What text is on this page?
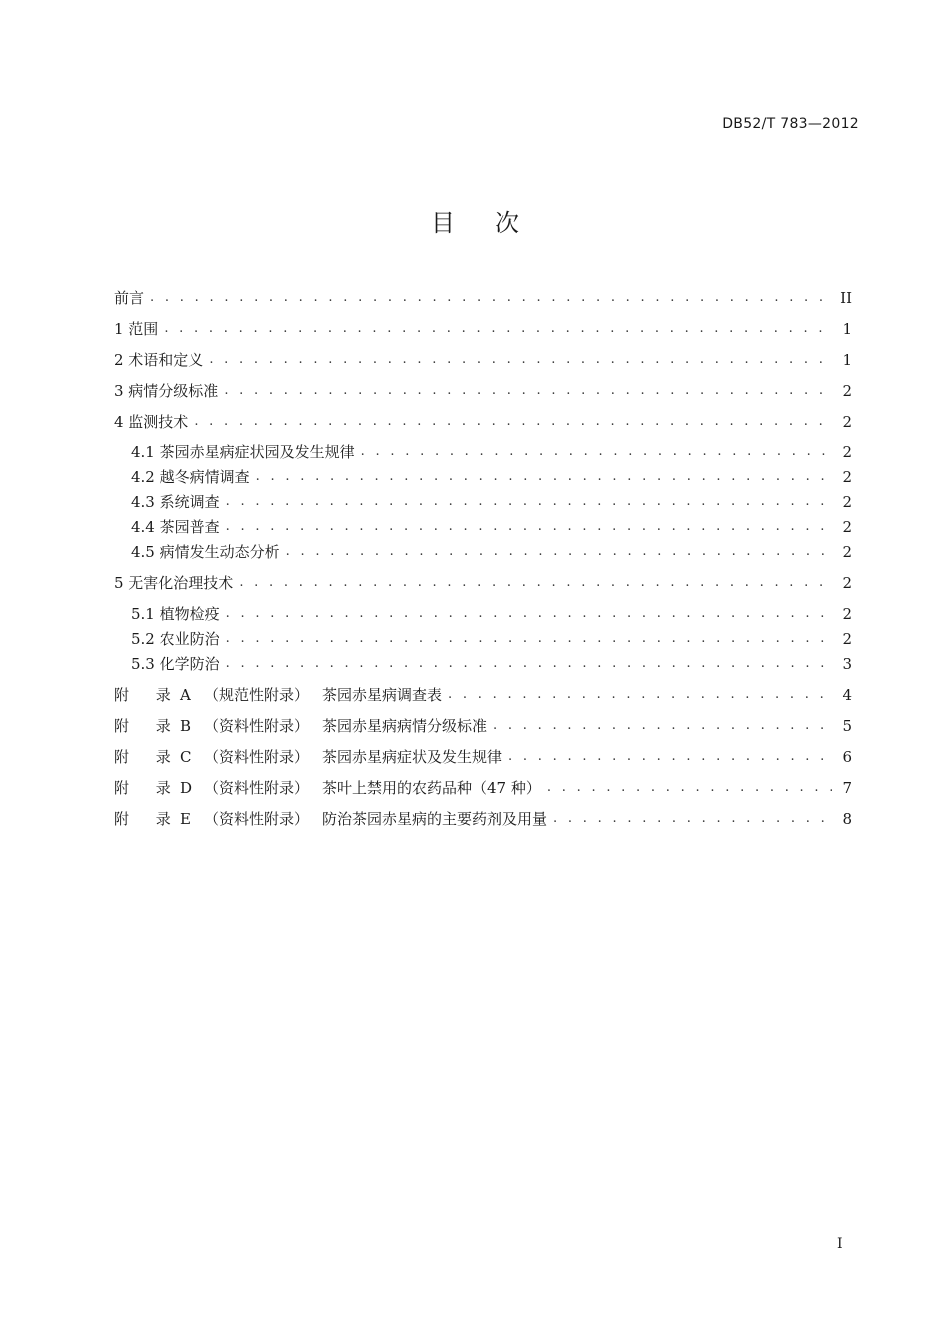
DB52/T 783—2012
目次
前言 . . .	II
1 范围 . . .	1
2 术语和定义 . . .	1
3 病情分级标准 . . .	2
4 监测技术 . . .	2
4.1 茶园赤星病症状园及发生规律 . . .	2
4.2 越冬病情调查 . . .	2
4.3 系统调查 . . .	2
4.4 茶园普查 . . .	2
4.5 病情发生动态分析 . . .	2
5 无害化治理技术 . . .	2
5.1 植物检疫 . . .	2
5.2 农业防治 . . .	2
5.3 化学防治 . . .	3
附 录 A （规范性附录） 茶园赤星病调查表 . . .	4
附 录 B （资料性附录） 茶园赤星病病情分级标准 . . .	5
附 录 C （资料性附录） 茶园赤星病症状及发生规律 . . .	6
附 录 D （资料性附录） 茶叶上禁用的农药品种（47 种） . . .	7
附 录 E （资料性附录） 防治茶园赤星病的主要药剂及用量 . . .	8
I
